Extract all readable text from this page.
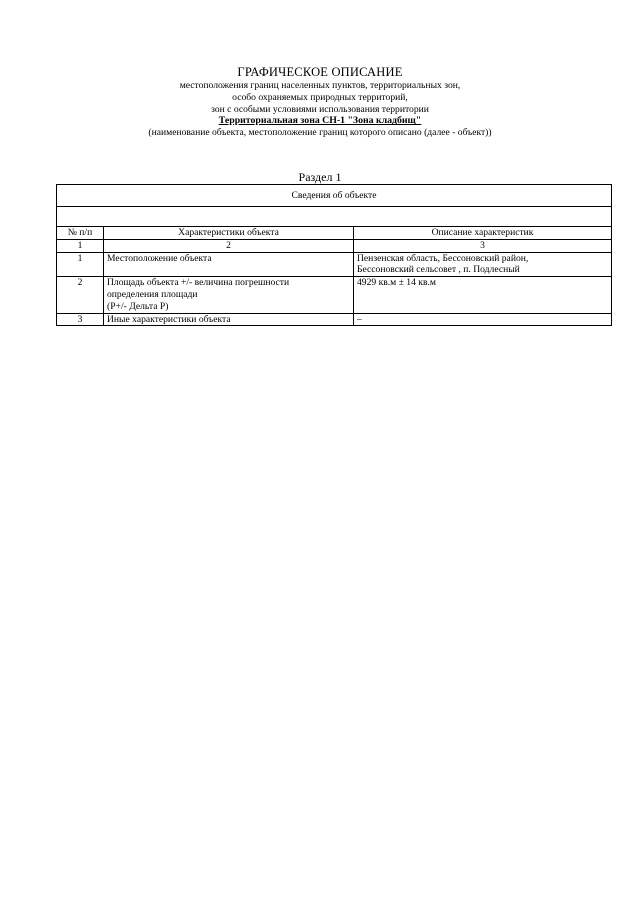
ГРАФИЧЕСКОЕ ОПИСАНИЕ
местоположения границ населенных пунктов, территориальных зон,
особо охраняемых природных территорий,
зон с особыми условиями использования территории
Территориальная зона СН-1 "Зона кладбищ"
(наименование объекта, местоположение границ которого описано (далее - объект))
Раздел 1
Сведения об объекте		

№ п/п	Характеристики объекта	Описание характеристик
1	2	3
1	Местоположение объекта	Пензенская область, Бессоновский район,
Бессоновский сельсовет , п. Подлесный

2	Площадь объекта +/- величина погрешности
определения площади
(P+/- Дельта P)	4929 кв.м ± 14 кв.м

3	Иные характеристики объекта	–
